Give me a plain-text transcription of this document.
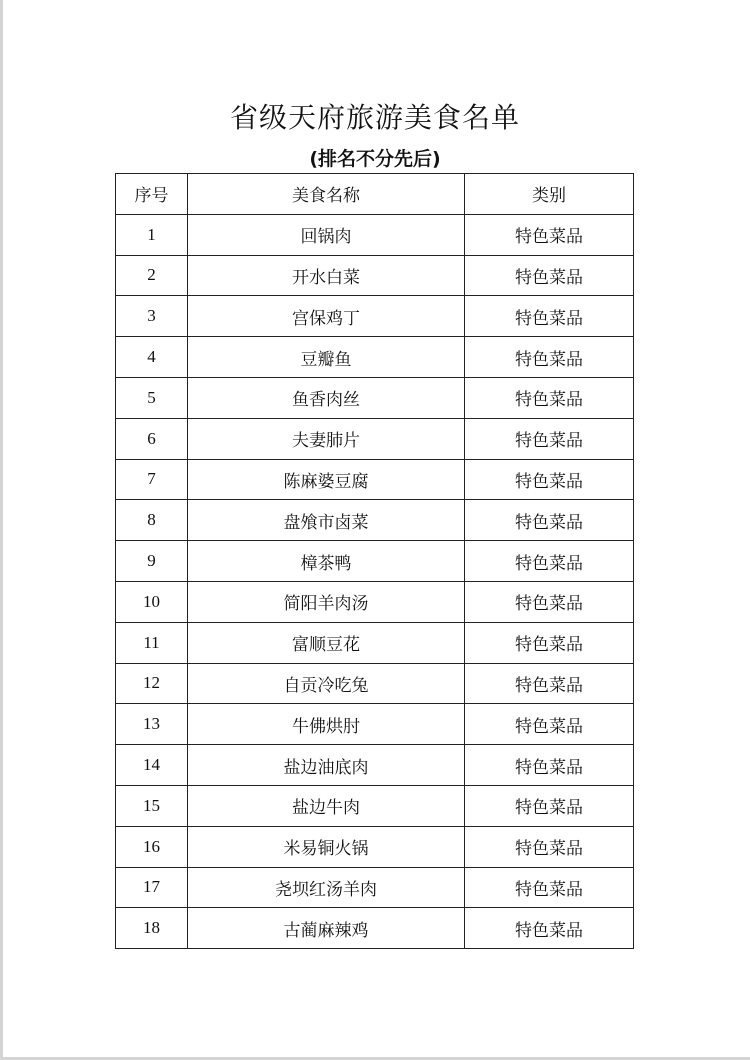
省级天府旅游美食名单
(排名不分先后)
序号	美食名称	类别
1	回锅肉	特色菜品
2	开水白菜	特色菜品
3	宫保鸡丁	特色菜品
4	豆瓣鱼	特色菜品
5	鱼香肉丝	特色菜品
6	夫妻肺片	特色菜品
7	陈麻婆豆腐	特色菜品
8	盘飧市卤菜	特色菜品
9	樟茶鸭	特色菜品
10	简阳羊肉汤	特色菜品
11	富顺豆花	特色菜品
12	自贡冷吃兔	特色菜品
13	牛佛烘肘	特色菜品
14	盐边油底肉	特色菜品
15	盐边牛肉	特色菜品
16	米易铜火锅	特色菜品
17	尧坝红汤羊肉	特色菜品
18	古蔺麻辣鸡	特色菜品
